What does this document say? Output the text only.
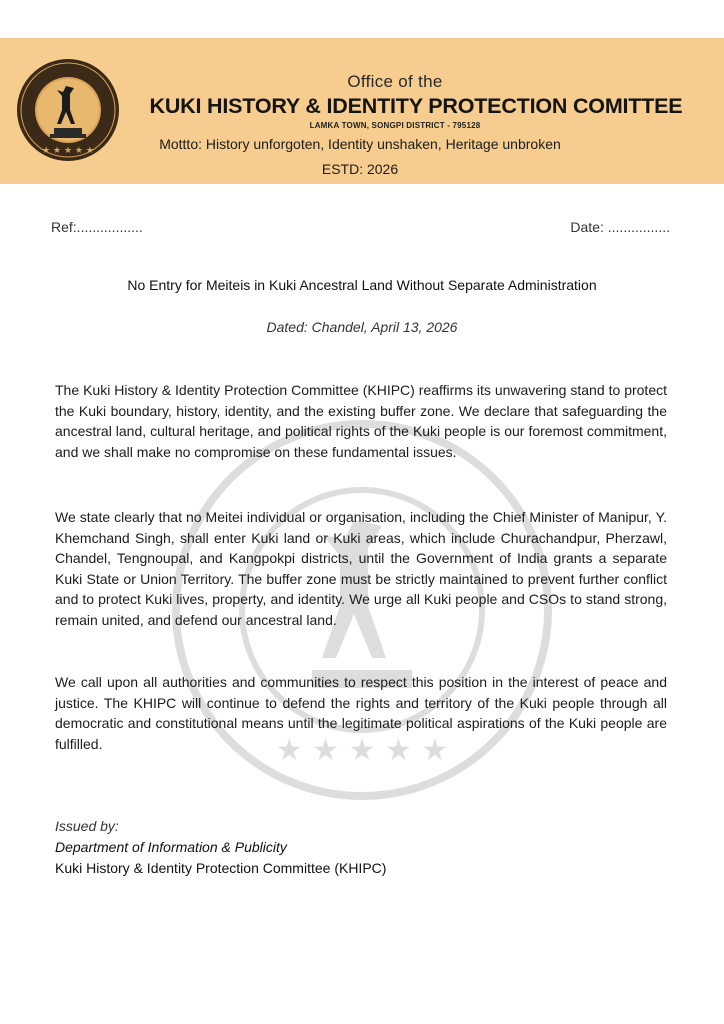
★ ★ ★ ★ ★
Office of the
KUKI HISTORY & IDENTITY PROTECTION COMITTEE
LAMKA TOWN, SONGPI DISTRICT - 795128
Mottto: History unforgoten, Identity unshaken, Heritage unbroken
ESTD: 2026
Ref:.................	Date: ................
No Entry for Meiteis in Kuki Ancestral Land Without Separate Administration
Dated: Chandel, April 13, 2026
★ ★ ★ ★ ★

The Kuki History & Identity Protection Committee (KHIPC) reaffirms its unwavering stand to protect the Kuki boundary, history, identity, and the existing buffer zone. We declare that safeguarding the ancestral land, cultural heritage, and political rights of the Kuki people is our foremost commitment, and we shall make no compromise on these fundamental issues.

We state clearly that no Meitei individual or organisation, including the Chief Minister of Manipur, Y. Khemchand Singh, shall enter Kuki land or Kuki areas, which include Churachandpur, Pherzawl, Chandel, Tengnoupal, and Kangpokpi districts, until the Government of India grants a separate Kuki State or Union Territory. The buffer zone must be strictly maintained to prevent further conflict and to protect Kuki lives, property, and identity. We urge all Kuki people and CSOs to stand strong, remain united, and defend our ancestral land.

We call upon all authorities and communities to respect this position in the interest of peace and justice. The KHIPC will continue to defend the rights and territory of the Kuki people through all democratic and constitutional means until the legitimate political aspirations of the Kuki people are fulfilled.

Issued by:
Department of Information & Publicity
Kuki History & Identity Protection Committee (KHIPC)
